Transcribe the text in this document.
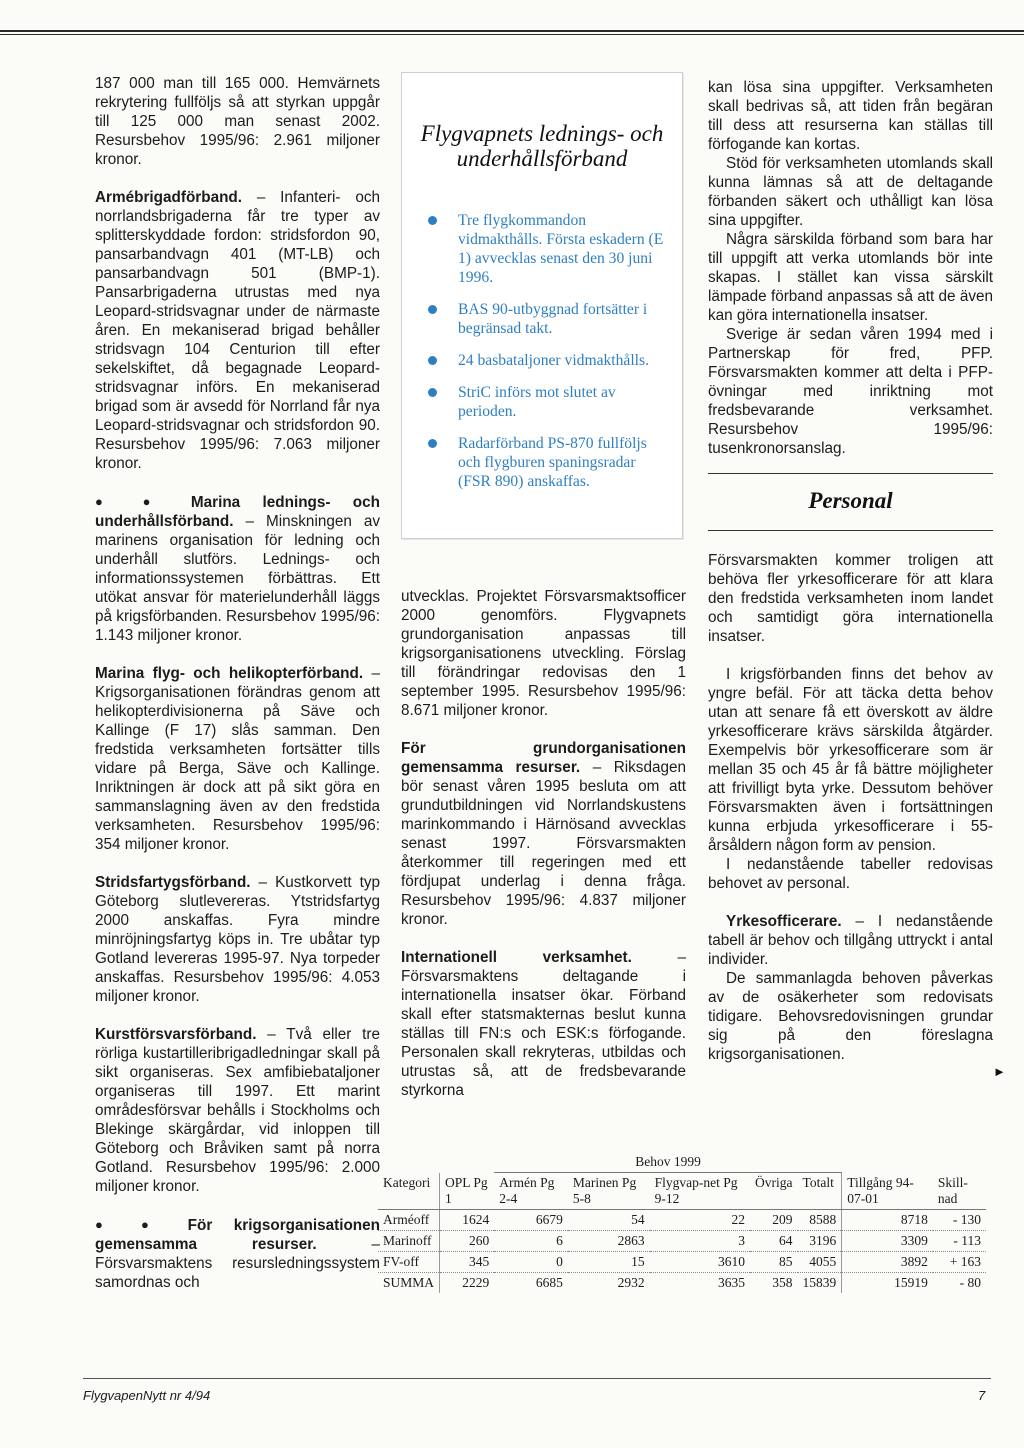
187 000 man till 165 000. Hemvärnets rekrytering fullföljs så att styrkan uppgår till 125 000 man senast 2002. Resursbehov 1995/96: 2.961 miljoner kronor.

Armébrigadförband. – Infanteri- och norrlandsbrigaderna får tre typer av splitterskyddade fordon: stridsfordon 90, pansarbandvagn 401 (MT-LB) och pansarbandvagn 501 (BMP-1). Pansarbrigaderna utrustas med nya Leopard-stridsvagnar under de närmaste åren. En mekaniserad brigad behåller stridsvagn 104 Centurion till efter sekelskiftet, då begagnade Leopard-stridsvagnar införs. En mekaniserad brigad som är avsedd för Norrland får nya Leopard-stridsvagnar och stridsfordon 90. Resursbehov 1995/96: 7.063 miljoner kronor.

● ● Marina lednings- och underhållsförband. – Minskningen av marinens organisation för ledning och underhåll slutförs. Lednings- och informationssystemen förbättras. Ett utökat ansvar för materielunderhåll läggs på krigsförbanden. Resursbehov 1995/96: 1.143 miljoner kronor.

Marina flyg- och helikopterförband. – Krigsorganisationen förändras genom att helikopterdivisionerna på Säve och Kallinge (F 17) slås samman. Den fredstida verksamheten fortsätter tills vidare på Berga, Säve och Kallinge. Inriktningen är dock att på sikt göra en sammanslagning även av den fredstida verksamheten. Resursbehov 1995/96: 354 miljoner kronor.

Stridsfartygsförband. – Kustkorvett typ Göteborg slutlevereras. Ytstridsfartyg 2000 anskaffas. Fyra mindre minröjningsfartyg köps in. Tre ubåtar typ Gotland levereras 1995-97. Nya torpeder anskaffas. Resursbehov 1995/96: 4.053 miljoner kronor.

Kurstförsvarsförband. – Två eller tre rörliga kustartilleribrigadledningar skall på sikt organiseras. Sex amfibiebataljoner organiseras till 1997. Ett marint områdesförsvar behålls i Stockholms och Blekinge skärgårdar, vid inloppen till Göteborg och Bråviken samt på norra Gotland. Resursbehov 1995/96: 2.000 miljoner kronor.

● ● För krigsorganisationen gemensamma resurser. – Försvarsmaktens resursledningssystem samordnas och

Flygvapnets lednings- och underhållsförband
Tre flygkommandon vidmakthålls. Första eskadern (E 1) avvecklas senast den 30 juni 1996.
BAS 90-utbyggnad fortsätter i begränsad takt.
24 basbataljoner vidmakthålls.
StriC införs mot slutet av perioden.
Radarförband PS-870 fullföljs och flygburen spaningsradar (FSR 890) anskaffas.

utvecklas. Projektet Försvarsmaktsofficer 2000 genomförs. Flygvapnets grundorganisation anpassas till krigsorganisationens utveckling. Förslag till förändringar redovisas den 1 september 1995. Resursbehov 1995/96: 8.671 miljoner kronor.

För grundorganisationen gemensamma resurser. – Riksdagen bör senast våren 1995 besluta om att grundutbildningen vid Norrlandskustens marinkommando i Härnösand avvecklas senast 1997. Försvarsmakten återkommer till regeringen med ett fördjupat underlag i denna fråga. Resursbehov 1995/96: 4.837 miljoner kronor.

Internationell verksamhet. – Försvarsmaktens deltagande i internationella insatser ökar. Förband skall efter statsmakternas beslut kunna ställas till FN:s och ESK:s förfogande. Personalen skall rekryteras, utbildas och utrustas så, att de fredsbevarande styrkorna

kan lösa sina uppgifter. Verksamheten skall bedrivas så, att tiden från begäran till dess att resurserna kan ställas till förfogande kan kortas.

Stöd för verksamheten utomlands skall kunna lämnas så att de deltagande förbanden säkert och uthålligt kan lösa sina uppgifter.

Några särskilda förband som bara har till uppgift att verka utomlands bör inte skapas. I stället kan vissa särskilt lämpade förband anpassas så att de även kan göra internationella insatser.

Sverige är sedan våren 1994 med i Partnerskap för fred, PFP. Försvarsmakten kommer att delta i PFP-övningar med inriktning mot fredsbevarande verksamhet. Resursbehov 1995/96: tusenkronorsanslag.

Personal

Försvarsmakten kommer troligen att behöva fler yrkesofficerare för att klara den fredstida verksamheten inom landet och samtidigt göra internationella insatser.

I krigsförbanden finns det behov av yngre befäl. För att täcka detta behov utan att senare få ett överskott av äldre yrkesofficerare krävs särskilda åtgärder. Exempelvis bör yrkesofficerare som är mellan 35 och 45 år få bättre möjligheter att frivilligt byta yrke. Dessutom behöver Försvarsmakten även i fortsättningen kunna erbjuda yrkesofficerare i 55-årsåldern någon form av pension.

I nedanstående tabeller redovisas behovet av personal.

Yrkesofficerare. – I nedanstående tabell är behov och tillgång uttryckt i antal individer.

De sammanlagda behoven påverkas av de osäkerheter som redovisats tidigare. Behovsredovisningen grundar sig på den föreslagna krigsorganisationen.

►
		Behov 1999						
Kategori	OPL Pg 1	Armén Pg 2-4	Marinen Pg 5-8	Flygvap-net Pg 9-12	Övriga	Totalt	Tillgång 94-07-01	Skill-nad
Arméoff	1624	6679	54	22	209	8588	8718	- 130
Marinoff	260	6	2863	3	64	3196	3309	- 113
FV-off	345	0	15	3610	85	4055	3892	+ 163
SUMMA	2229	6685	2932	3635	358	15839	15919	- 80
FlygvapenNytt nr 4/94	7
